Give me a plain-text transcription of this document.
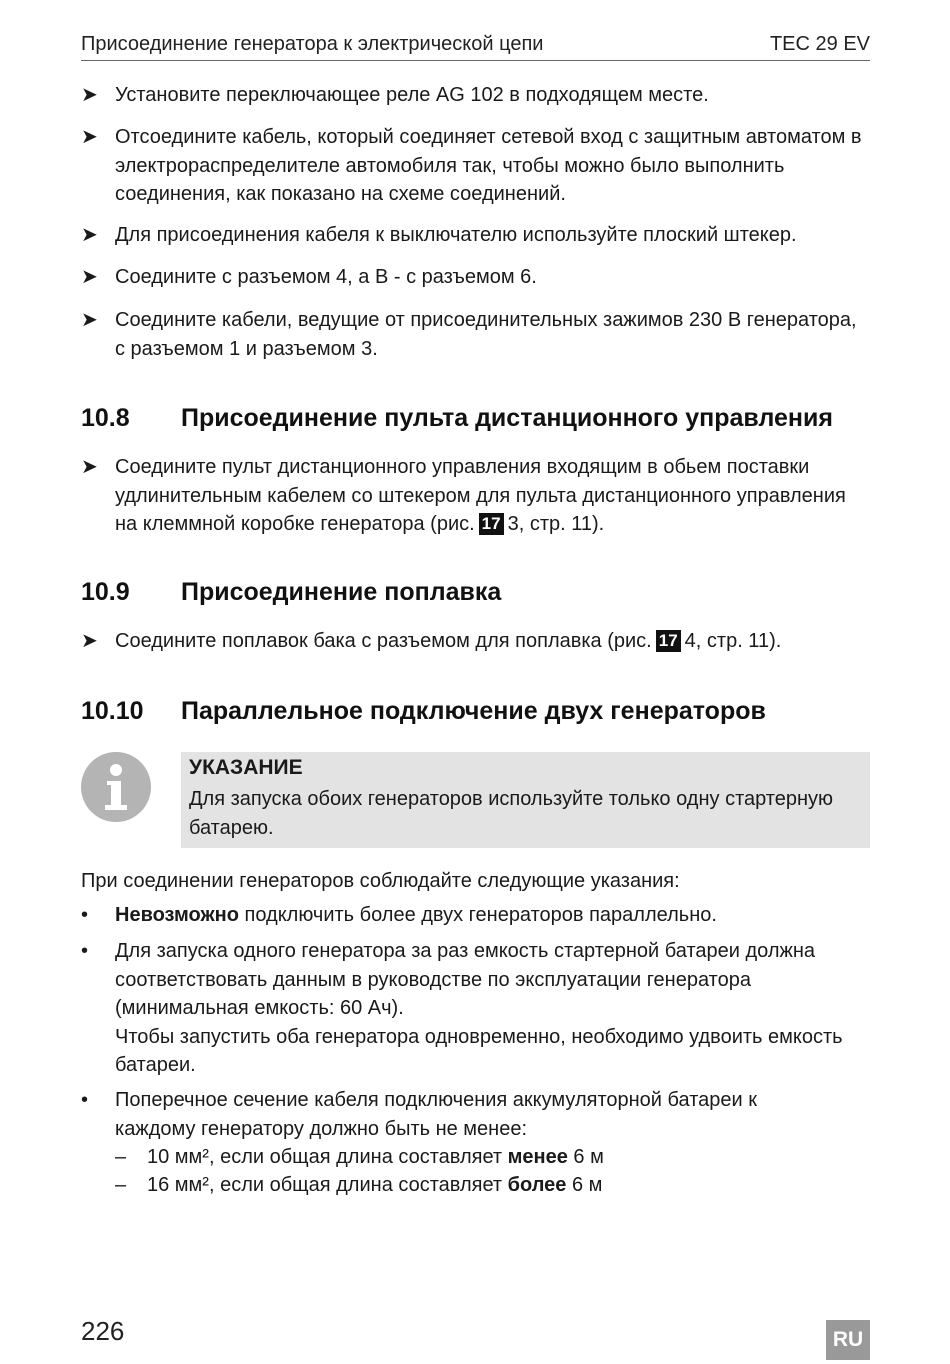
Присоединение генератора к электрической цепи	TEC 29 EV
➤ Установите переключающее реле AG 102 в подходящем месте.
➤ Отсоедините кабель, который соединяет сетевой вход с защитным автоматом в электрораспределителе автомобиля так, чтобы можно было выполнить соединения, как показано на схеме соединений.
➤ Для присоединения кабеля к выключателю используйте плоский штекер.
➤ Соедините с разъемом 4, а В - с разъемом 6.
➤ Соедините кабели, ведущие от присоединительных зажимов 230 В генератора, с разъемом 1 и разъемом 3.
10.8 Присоединение пульта дистанционного управления
➤ Соедините пульт дистанционного управления входящим в обьем поставки удлинительным кабелем со штекером для пульта дистанционного управления на клеммной коробке генератора (рис. 17 3, стр. 11).
10.9 Присоединение поплавка
➤ Соедините поплавок бака с разъемом для поплавка (рис. 17 4, стр. 11).
10.10 Параллельное подключение двух генераторов
УКАЗАНИЕ
Для запуска обоих генераторов используйте только одну стартерную батарею.
При соединении генераторов соблюдайте следующие указания:
•	Невозможно подключить более двух генераторов параллельно.
•	Для запуска одного генератора за раз емкость стартерной батареи должна соответствовать данным в руководстве по эксплуатации генератора (минимальная емкость: 60 Ач).
Чтобы запустить оба генератора одновременно, необходимо удвоить емкость батареи.
•	Поперечное сечение кабеля подключения аккумуляторной батареи к каждому генератору должно быть не менее:
– 10 мм², если общая длина составляет менее 6 м
– 16 мм², если общая длина составляет более 6 м
226	RU
